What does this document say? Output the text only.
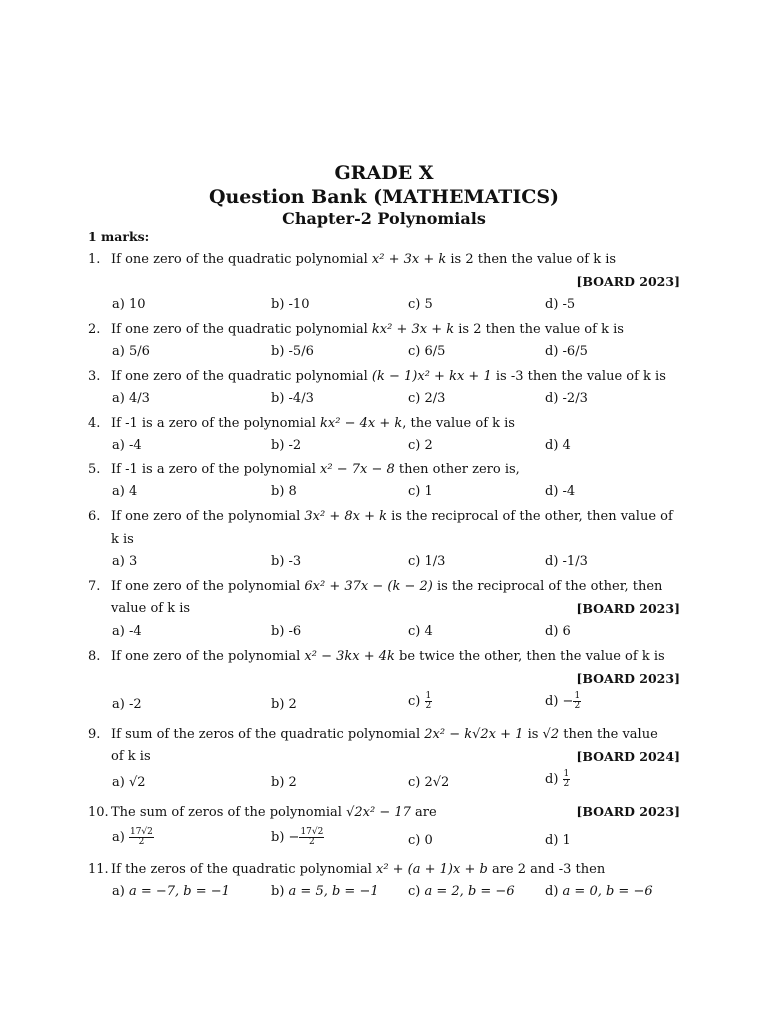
GRADE X
Question Bank (MATHEMATICS)
Chapter-2 Polynomials
1 marks:
1. If one zero of the quadratic polynomial x² + 3x + k is 2 then the value of k is
[BOARD 2023]
a) 10	b) -10	c) 5	d) -5
2. If one zero of the quadratic polynomial kx² + 3x + k is 2 then the value of k is
a) 5/6	b) -5/6	c) 6/5	d) -6/5
3. If one zero of the quadratic polynomial (k − 1)x² + kx + 1 is -3 then the value of k is
a) 4/3	b) -4/3	c) 2/3	d) -2/3
4. If -1 is a zero of the polynomial kx² − 4x + k, the value of k is
a) -4	b) -2	c) 2	d) 4
5. If -1 is a zero of the polynomial x² − 7x − 8 then other zero is,
a) 4	b) 8	c) 1	d) -4
6. If one zero of the polynomial 3x² + 8x + k is the reciprocal of the other, then value of
k is
a) 3	b) -3	c) 1/3	d) -1/3
7. If one zero of the polynomial 6x² + 37x − (k − 2) is the reciprocal of the other, then
value of k is	[BOARD 2023]
a) -4	b) -6	c) 4	d) 6
8. If one zero of the polynomial x² − 3kx + 4k be twice the other, then the value of k is
[BOARD 2023]
a) -2	b) 2	$c) \frac{1}{2}$	$d) - \frac{1}{2}$
9. If sum of the zeros of the quadratic polynomial 2x² − k√2x + 1 is √2 then the value
of k is	[BOARD 2024]
a) √2	b) 2	c) 2√2	$d) \frac{1}{2}$
10. The sum of zeros of the polynomial √2x² − 17 are	[BOARD 2023]
$a) \frac{17√2}{2}$	$b) - \frac{17√2}{2}$	c) 0	d) 1
11. If the zeros of the quadratic polynomial x² + (a + 1)x + b are 2 and -3 then
a) a = −7, b = −1	b) a = 5, b = −1 c) a = 2, b = −6 d) a = 0, b = −6
